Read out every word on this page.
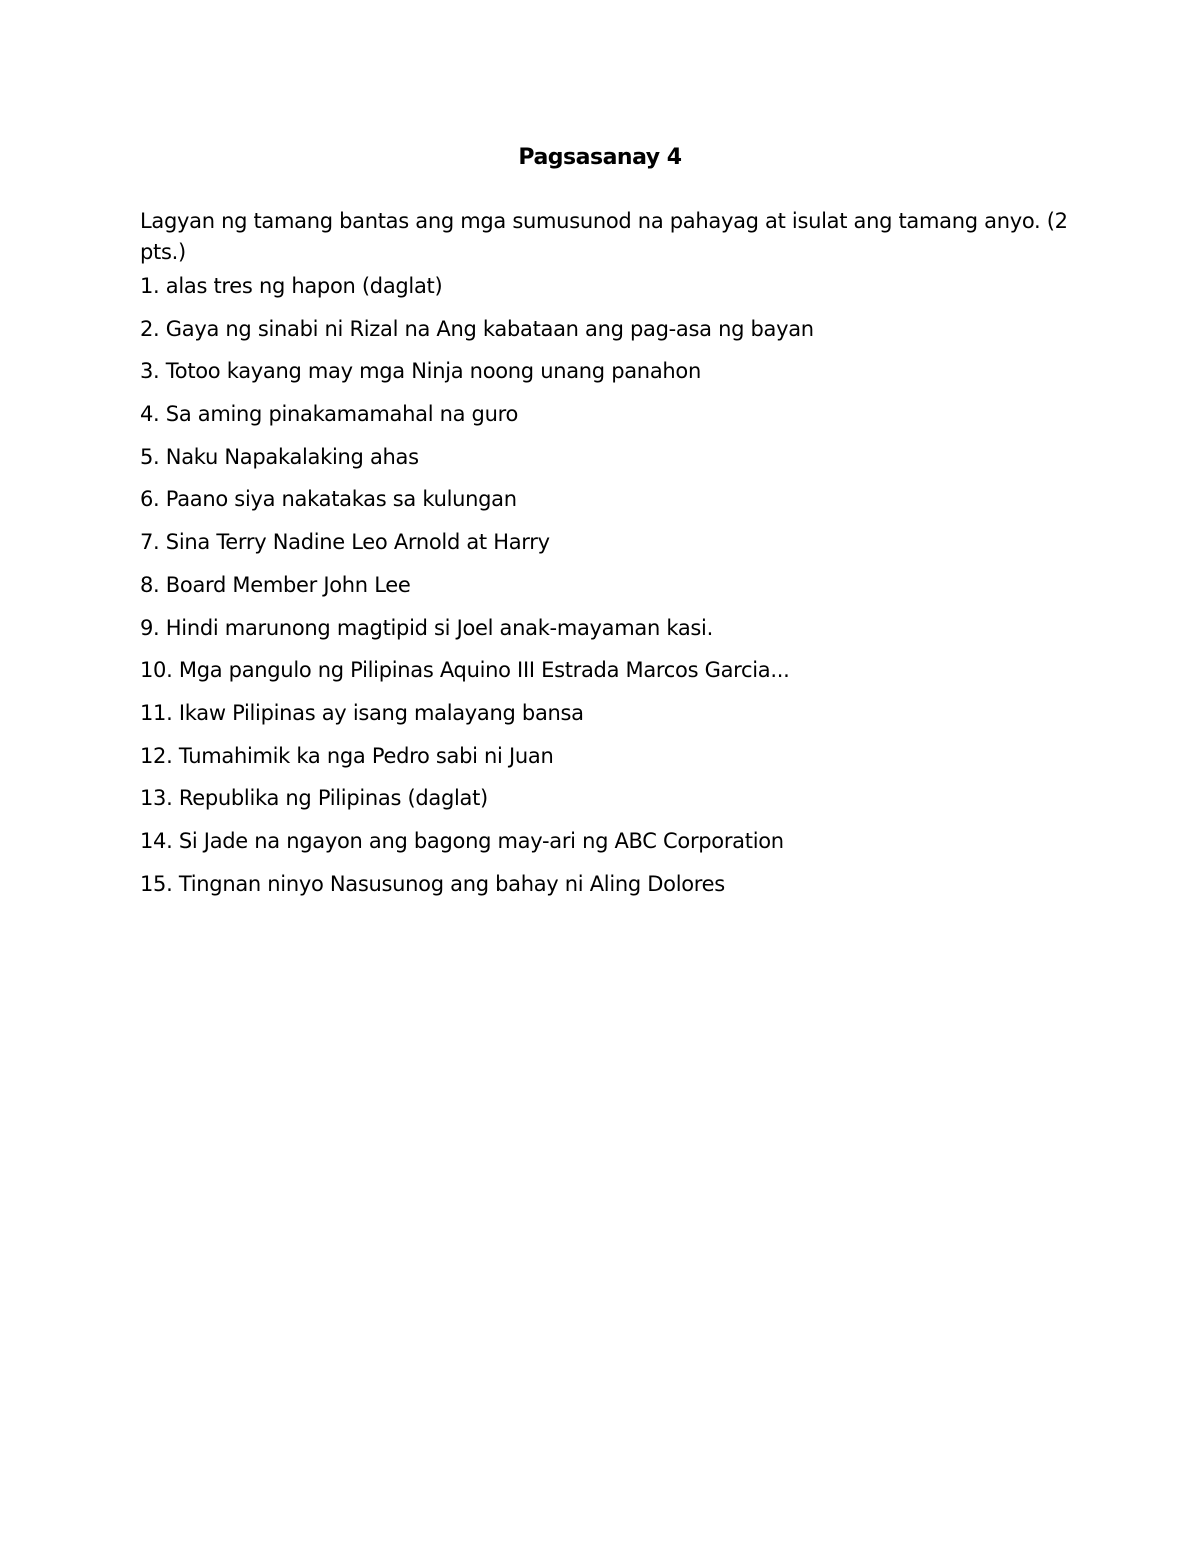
Pagsasanay 4
Lagyan ng tamang bantas ang mga sumusunod na pahayag at isulat ang tamang anyo. (2 pts.)
1. alas tres ng hapon (daglat)
2. Gaya ng sinabi ni Rizal na Ang kabataan ang pag-asa ng bayan
3. Totoo kayang may mga Ninja noong unang panahon
4. Sa aming pinakamamahal na guro
5. Naku Napakalaking ahas
6. Paano siya nakatakas sa kulungan
7. Sina Terry Nadine Leo Arnold at Harry
8. Board Member John Lee
9. Hindi marunong magtipid si Joel anak-mayaman kasi.
10. Mga pangulo ng Pilipinas Aquino III Estrada Marcos Garcia...
11. Ikaw Pilipinas ay isang malayang bansa
12. Tumahimik ka nga Pedro sabi ni Juan
13. Republika ng Pilipinas (daglat)
14. Si Jade na ngayon ang bagong may-ari ng ABC Corporation
15. Tingnan ninyo Nasusunog ang bahay ni Aling Dolores
